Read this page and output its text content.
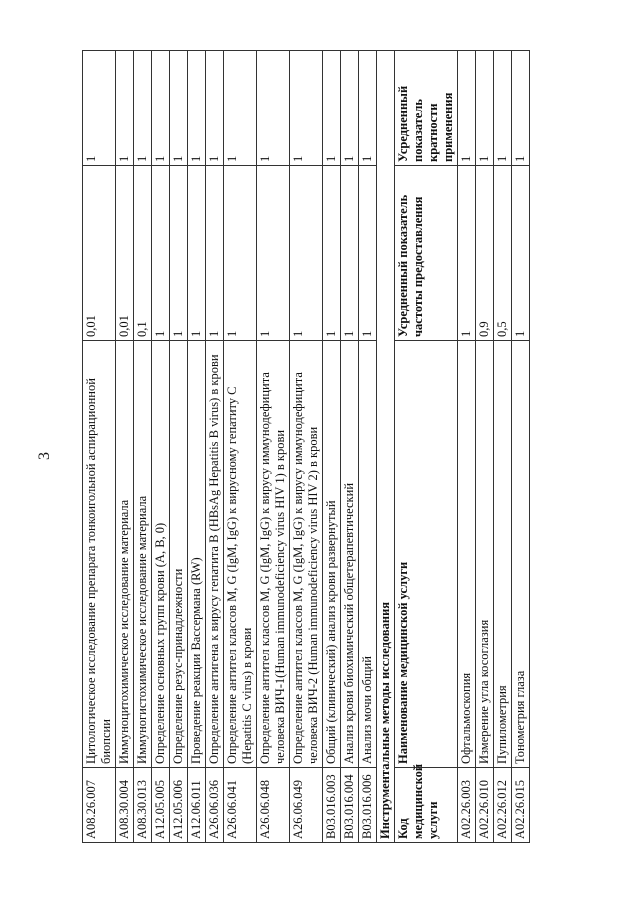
3
A08.26.007	Цитологическое исследование препарата тонкоигольной аспирационной биопсии	0,01	1
A08.30.004	Иммуноцитохимическое исследование материала	0,01	1
A08.30.013	Иммуногистохимическое исследование материала	0,1	1
A12.05.005	Определение основных групп крови (A, B, 0)	1	1
A12.05.006	Определение резус-принадлежности	1	1
A12.06.011	Проведение реакции Вассермана (RW)	1	1
A26.06.036	Определение антигена к вирусу гепатита B (HBsAg Hepatitis B virus) в крови	1	1
A26.06.041	Определение антител классов M, G (IgM, IgG) к вирусному гепатиту C (Hepatitis C virus) в крови	1	1
A26.06.048	Определение антител классов M, G (IgM, IgG) к вирусу иммунодефицита человека ВИЧ-1(Human immunodeficiency virus HIV 1) в крови	1	1
A26.06.049	Определение антител классов M, G (IgM, IgG) к вирусу иммунодефицита человека ВИЧ-2 (Human immunodeficiency virus HIV 2) в крови	1	1
B03.016.003	Общий (клинический) анализ крови развернутый	1	1
B03.016.004	Анализ крови биохимический общетерапевтический	1	1
B03.016.006	Анализ мочи общий	1	1
Инструментальные методы исследования			
Код медицинской услуги	Наименование медицинской услуги	Усредненный показатель частоты предоставления	Усредненный показатель кратности применения
A02.26.003	Офтальмоскопия	1	1
A02.26.010	Измерение угла косоглазия	0,9	1
A02.26.012	Пупилометрия	0,5	1
A02.26.015	Тонометрия глаза	1	1
